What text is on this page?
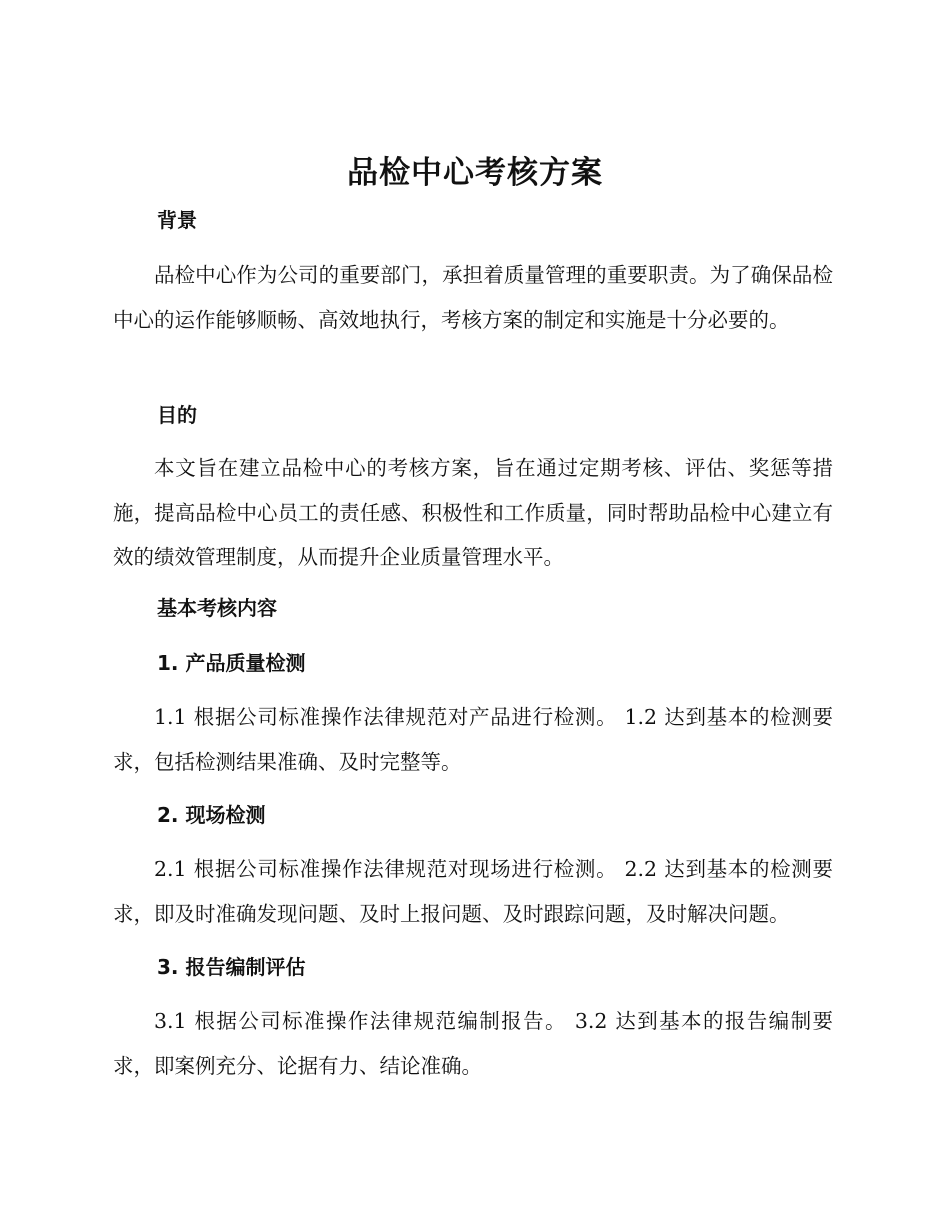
品检中心考核方案
背景

品检中心作为公司的重要部门，承担着质量管理的重要职责。为了确保品检中心的运作能够顺畅、高效地执行，考核方案的制定和实施是十分必要的。

目的

本文旨在建立品检中心的考核方案，旨在通过定期考核、评估、奖惩等措施，提高品检中心员工的责任感、积极性和工作质量，同时帮助品检中心建立有效的绩效管理制度，从而提升企业质量管理水平。

基本考核内容
1. 产品质量检测

1.1 根据公司标准操作法律规范对产品进行检测。 1.2 达到基本的检测要求，包括检测结果准确、及时完整等。

2. 现场检测

2.1 根据公司标准操作法律规范对现场进行检测。 2.2 达到基本的检测要求，即及时准确发现问题、及时上报问题、及时跟踪问题，及时解决问题。

3. 报告编制评估

3.1 根据公司标准操作法律规范编制报告。 3.2 达到基本的报告编制要求，即案例充分、论据有力、结论准确。
